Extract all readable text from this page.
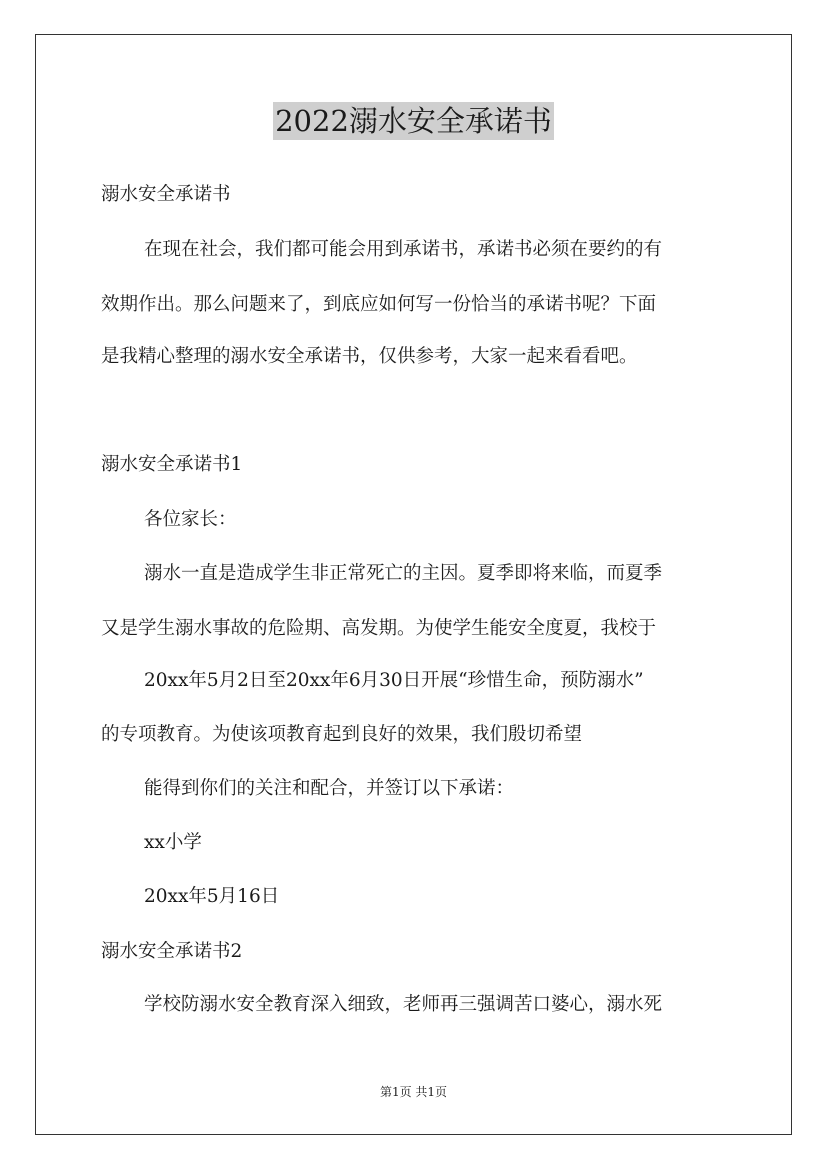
2022溺水安全承诺书
溺水安全承诺书
在现在社会，我们都可能会用到承诺书，承诺书必须在要约的有
效期作出。那么问题来了，到底应如何写一份恰当的承诺书呢？下面
是我精心整理的溺水安全承诺书，仅供参考，大家一起来看看吧。
溺水安全承诺书1
各位家长：
溺水一直是造成学生非正常死亡的主因。夏季即将来临，而夏季
又是学生溺水事故的危险期、高发期。为使学生能安全度夏，我校于
20xx年5月2日至20xx年6月30日开展“珍惜生命，预防溺水”
的专项教育。为使该项教育起到良好的效果，我们殷切希望
能得到你们的关注和配合，并签订以下承诺：
xx小学
20xx年5月16日
溺水安全承诺书2
学校防溺水安全教育深入细致，老师再三强调苦口婆心，溺水死
第1页 共1页
